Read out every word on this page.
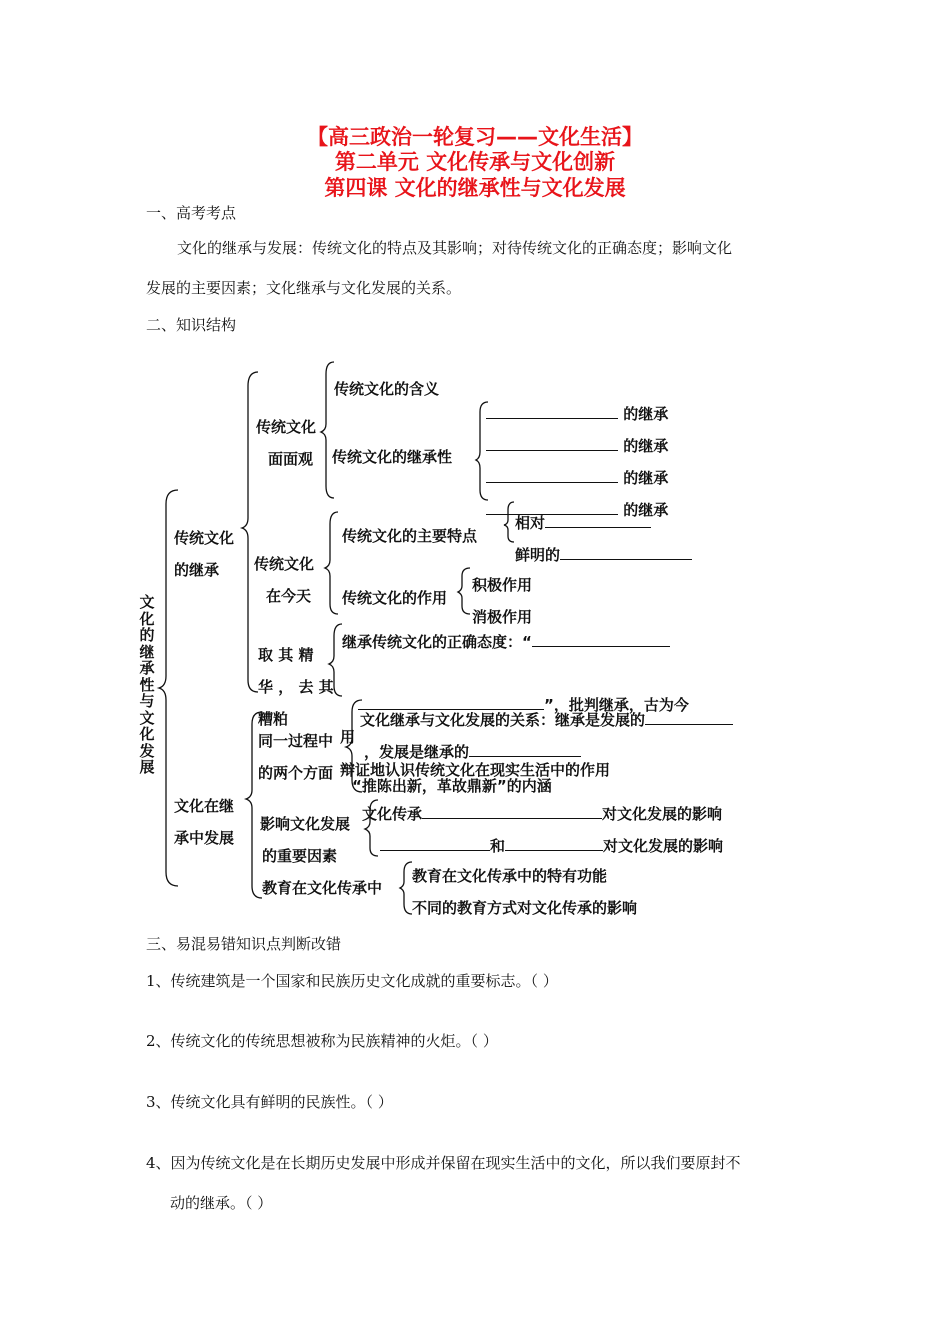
【高三政治一轮复习——文化生活】
第二单元 文化传承与文化创新
第四课 文化的继承性与文化发展
一、高考考点
文化的继承与发展：传统文化的特点及其影响；对待传统文化的正确态度；影响文化
发展的主要因素；文化继承与文化发展的关系。
二、知识结构
文化的继承性与文化发展
传统文化的继承
文化在继承中发展
传统文化
面面观
传统文化的含义
传统文化的继承性
的继承
的继承
的继承
的继承
传统文化
在今天
传统文化的主要特点
相对
鲜明的
传统文化的作用
积极作用
消极作用
取 其 精
华 ， 去 其
糟粕
继承传统文化的正确态度：“
”，批判继承，古为今
同一过程中 用
的两个方面
文化继承与文化发展的关系：继承是发展的
，发展是继承的
辩证地认识传统文化在现实生活中的作用
“推陈出新，革故鼎新”的内涵
影响文化发展
的重要因素
文化传承	对文化发展的影响
和	对文化发展的影响
教育在文化传承中
教育在文化传承中的特有功能
不同的教育方式对文化传承的影响
三、易混易错知识点判断改错
1、传统建筑是一个国家和民族历史文化成就的重要标志。（ ）
2、传统文化的传统思想被称为民族精神的火炬。（ ）
3、传统文化具有鲜明的民族性。（ ）
4、因为传统文化是在长期历史发展中形成并保留在现实生活中的文化，所以我们要原封不
动的继承。（ ）
